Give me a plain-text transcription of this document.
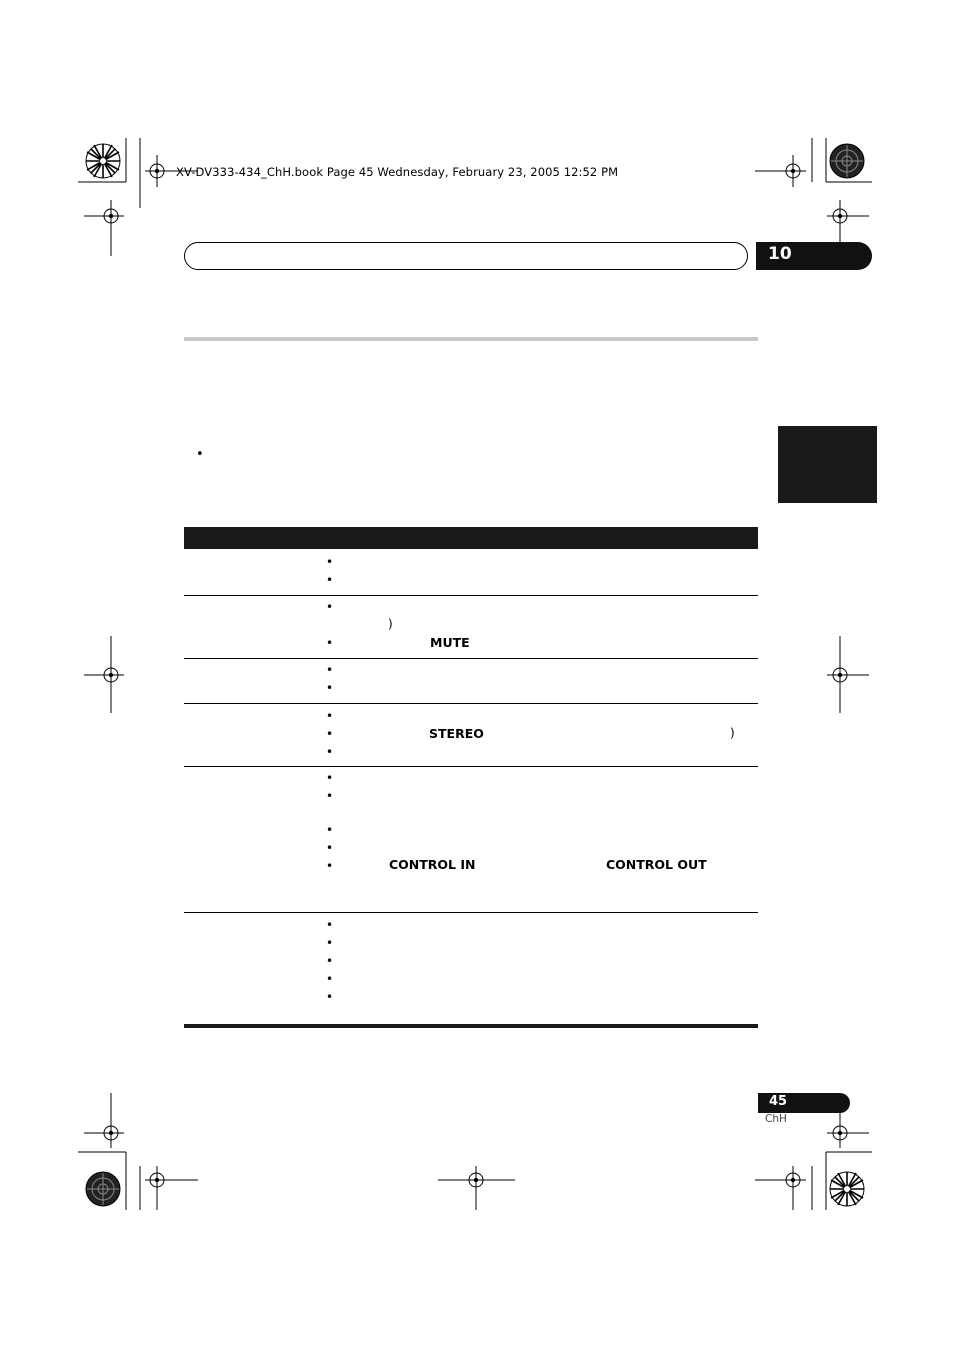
XV-DV333-434_ChH.book Page 45 Wednesday, February 23, 2005 12:52 PM
10
•
•
•
•
)
•	MUTE
•
•
•
•	STEREO	)
•
•
•
•
•
•	CONTROL IN	CONTROL OUT
•
•
•
•
•
45
ChH
